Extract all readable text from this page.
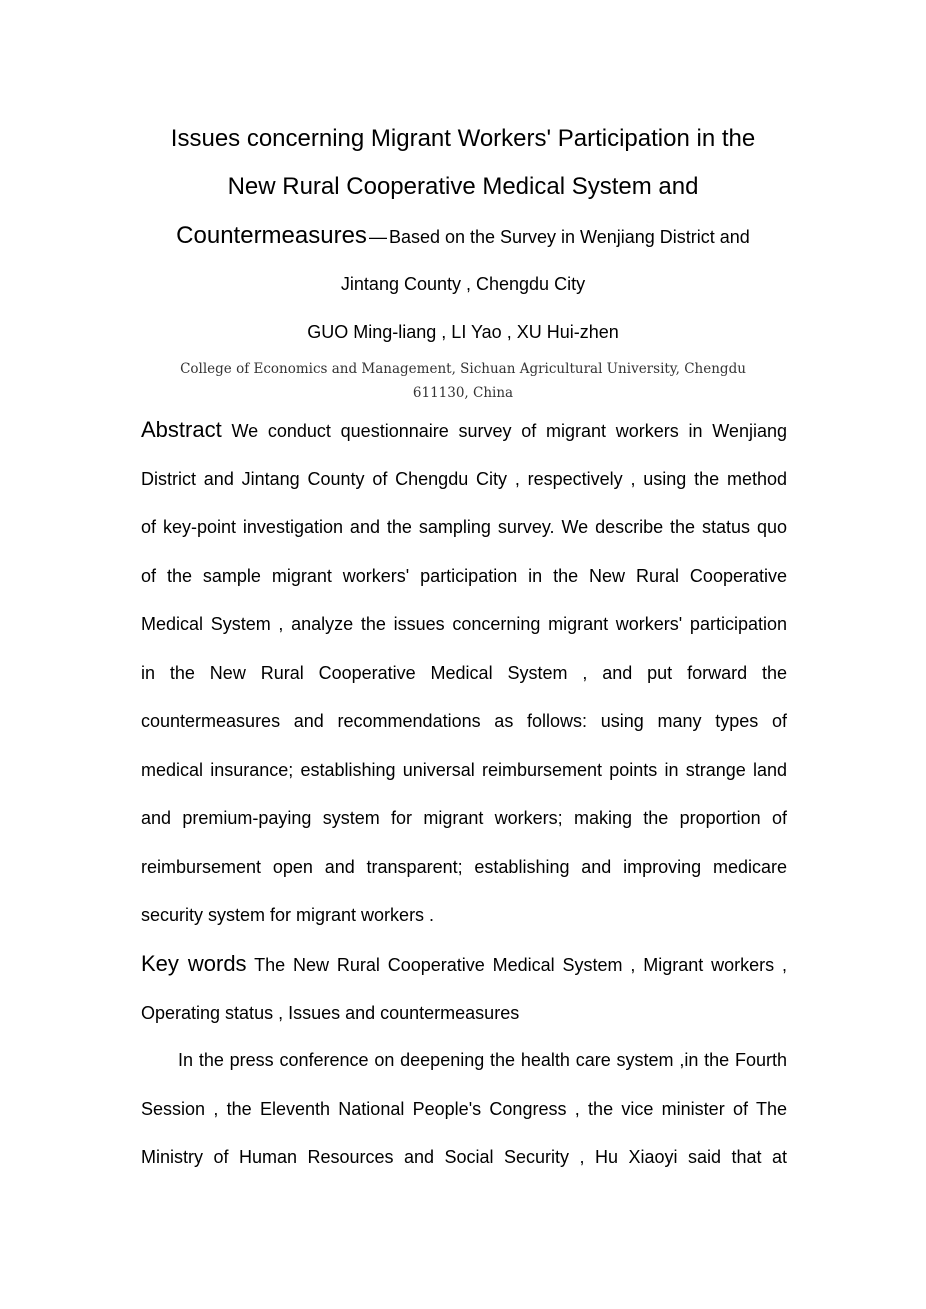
Issues concerning Migrant Workers' Participation in the
New Rural Cooperative Medical System and
Countermeasures — Based on the Survey in Wenjiang District and
Jintang County , Chengdu City
GUO Ming-liang , LI Yao , XU Hui-zhen
College of Economics and Management, Sichuan Agricultural University, Chengdu
611130, China
Abstract We conduct questionnaire survey of migrant workers in Wenjiang
District and Jintang County of Chengdu City , respectively , using the method
of key-point investigation and the sampling survey. We describe the status quo
of the sample migrant workers' participation in the New Rural Cooperative
Medical System , analyze the issues concerning migrant workers' participation
in the New Rural Cooperative Medical System , and put forward the
countermeasures and recommendations as follows: using many types of
medical insurance; establishing universal reimbursement points in strange land
and premium-paying system for migrant workers; making the proportion of
reimbursement open and transparent; establishing and improving medicare
security system for migrant workers .
Key words The New Rural Cooperative Medical System , Migrant workers ,
Operating status , Issues and countermeasures
In the press conference on deepening the health care system ,in the Fourth
Session , the Eleventh National People's Congress , the vice minister of The
Ministry of Human Resources and Social Security , Hu Xiaoyi said that at
